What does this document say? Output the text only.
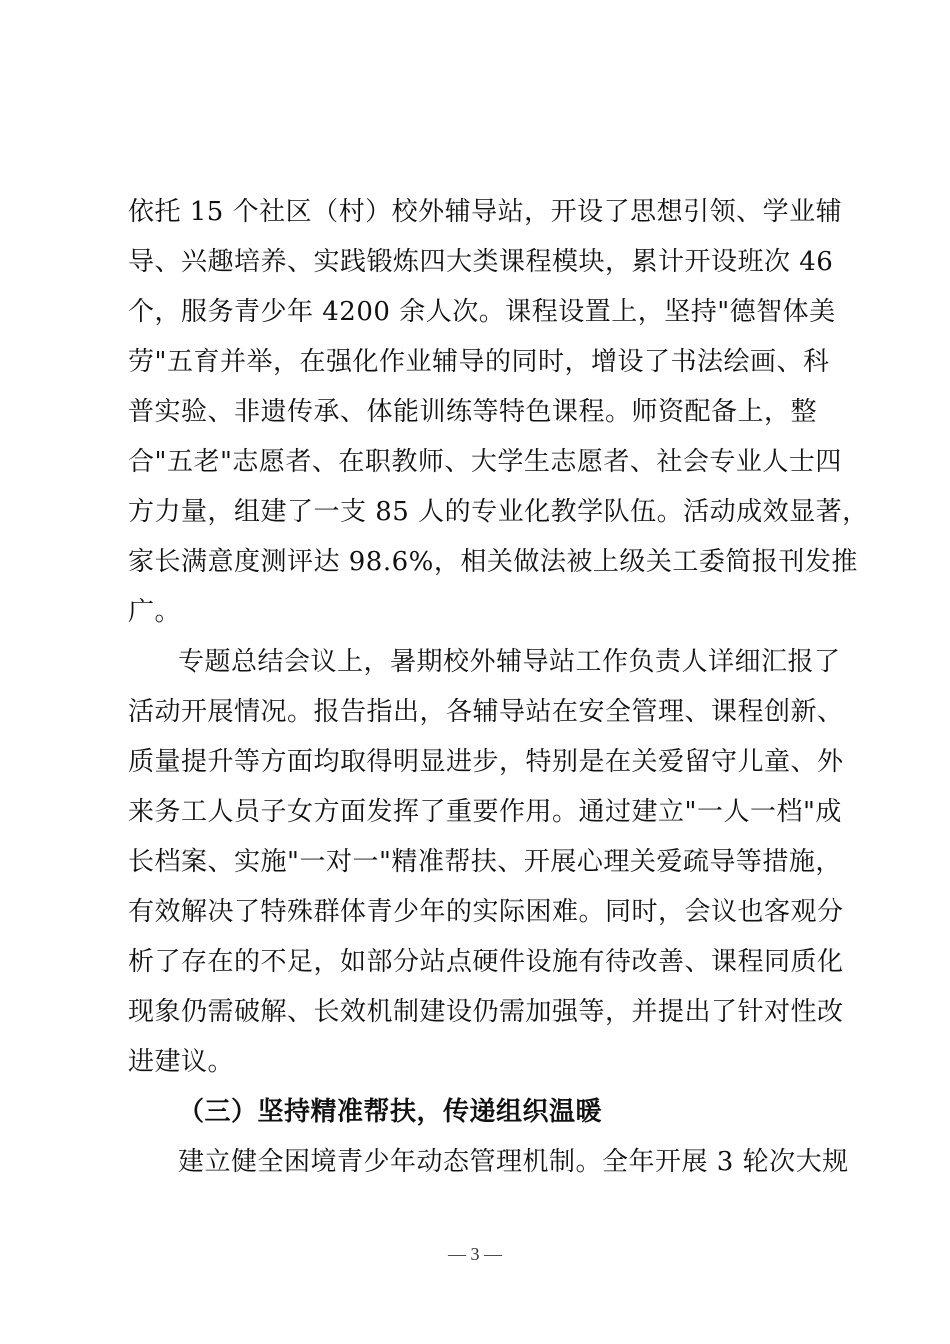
依托 15 个社区（村）校外辅导站，开设了思想引领、学业辅
导、兴趣培养、实践锻炼四大类课程模块，累计开设班次 46
个，服务青少年 4200 余人次。课程设置上，坚持"德智体美
劳"五育并举，在强化作业辅导的同时，增设了书法绘画、科
普实验、非遗传承、体能训练等特色课程。师资配备上，整
合"五老"志愿者、在职教师、大学生志愿者、社会专业人士四
方力量，组建了一支 85 人的专业化教学队伍。活动成效显著，
家长满意度测评达 98.6%，相关做法被上级关工委简报刊发推
广。
专题总结会议上，暑期校外辅导站工作负责人详细汇报了
活动开展情况。报告指出，各辅导站在安全管理、课程创新、
质量提升等方面均取得明显进步，特别是在关爱留守儿童、外
来务工人员子女方面发挥了重要作用。通过建立"一人一档"成
长档案、实施"一对一"精准帮扶、开展心理关爱疏导等措施，
有效解决了特殊群体青少年的实际困难。同时，会议也客观分
析了存在的不足，如部分站点硬件设施有待改善、课程同质化
现象仍需破解、长效机制建设仍需加强等，并提出了针对性改
进建议。
（三）坚持精准帮扶，传递组织温暖
建立健全困境青少年动态管理机制。全年开展 3 轮次大规
— 3 —
